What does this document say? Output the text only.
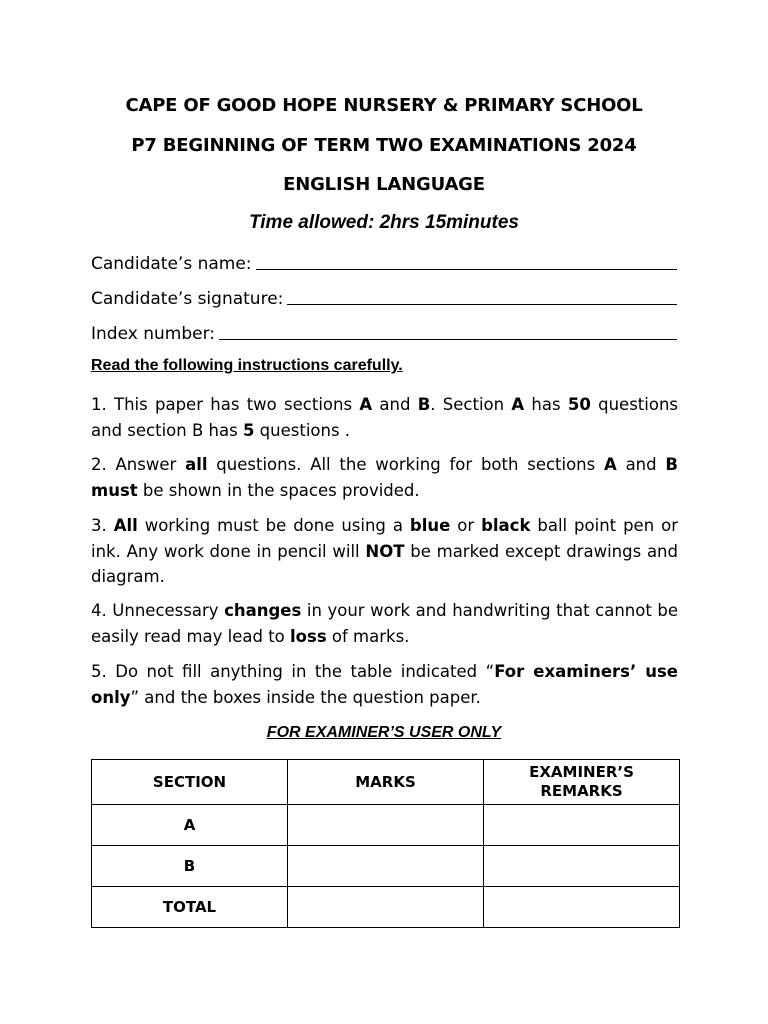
CAPE OF GOOD HOPE NURSERY & PRIMARY SCHOOL
P7 BEGINNING OF TERM TWO EXAMINATIONS 2024
ENGLISH LANGUAGE
Time allowed: 2hrs 15minutes
Candidate’s name:
Candidate’s signature:
Index number:
Read the following instructions carefully.
1. This paper has two sections A and B. Section A has 50 questions and section B has 5 questions .
2. Answer all questions. All the working for both sections A and B must be shown in the spaces provided.
3. All working must be done using a blue or black ball point pen or ink. Any work done in pencil will NOT be marked except drawings and diagram.
4. Unnecessary changes in your work and handwriting that cannot be easily read may lead to loss of marks.
5. Do not fill anything in the table indicated “For examiners’ use only” and the boxes inside the question paper.
FOR EXAMINER’S USER ONLY
SECTION	MARKS	EXAMINER’S REMARKS
A		
B		
TOTAL		
